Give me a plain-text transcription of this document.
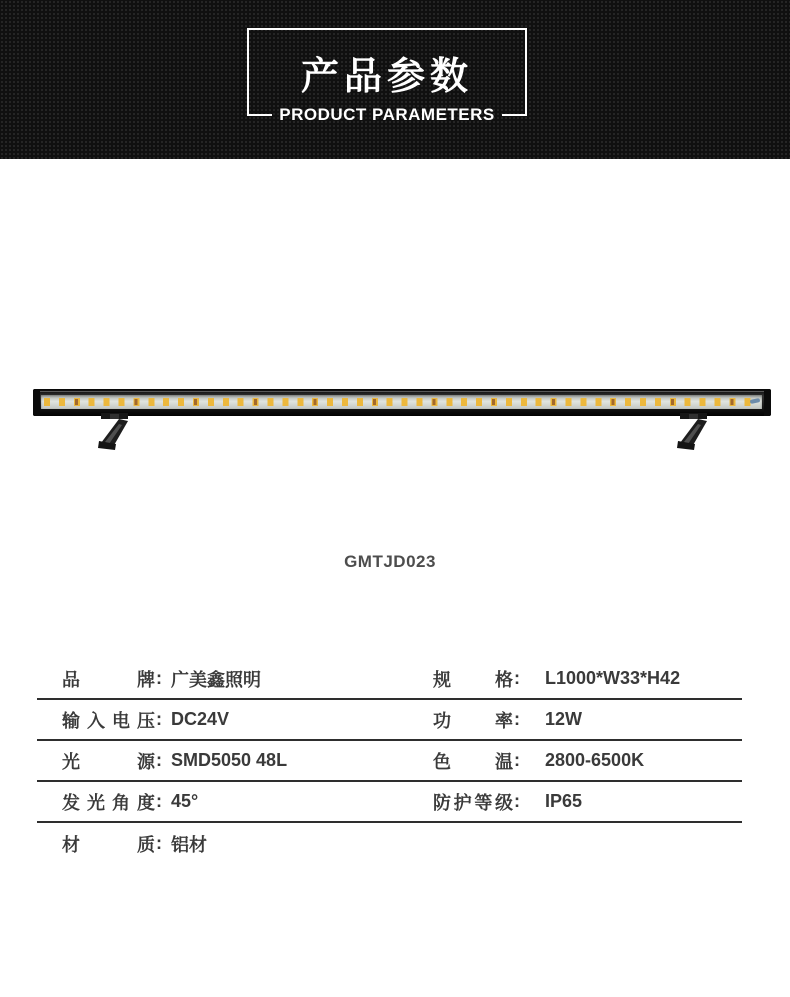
产品参数
PRODUCT PARAMETERS
GMTJD023
品牌 : 广美鑫照明	规格 : L1000*W33*H42
输入电压 : DC24V	功率 : 12W
光源 : SMD5050 48L	色温 : 2800-6500K
发光角度 : 45°	防护等级 : IP65
材质 : 铝材
